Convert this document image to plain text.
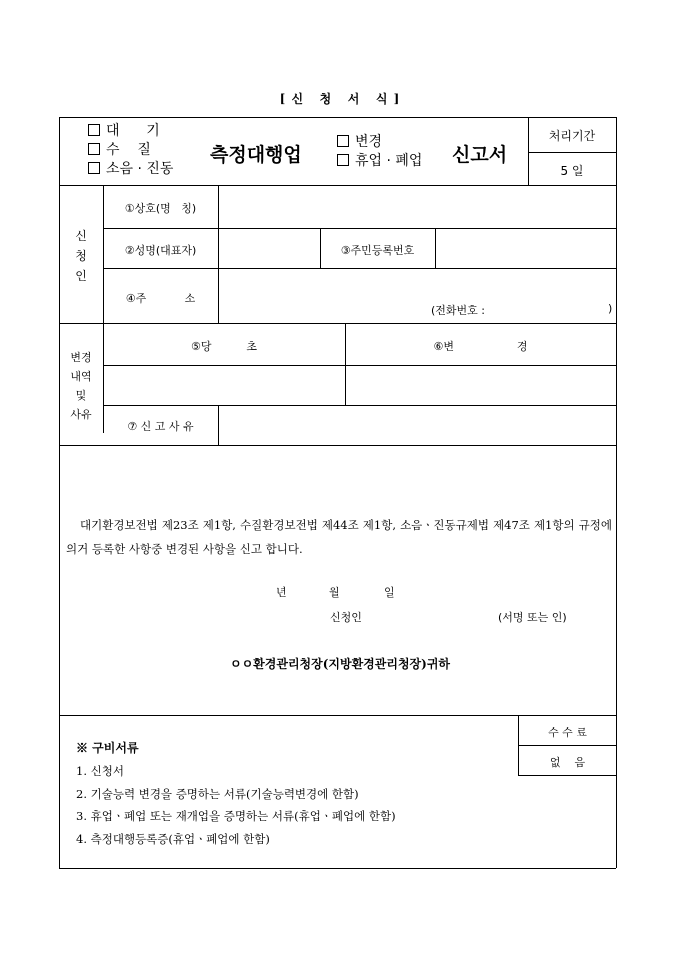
[ 신   청   서   식 ]
대      기
수    질
소음 · 진동
측정대행업
변경
휴업 · 폐업 신고서
처리기간
5 일
신
청
인
①상호(명   칭)
②성명(대표자)	③주민등록번호
④주           소
(전화번호 :	)
변경
내역
및
사유
⑤당          초	⑥변                  경
⑦ 신 고 사 유
대기환경보전법 제23조 제1항, 수질환경보전법 제44조 제1항, 소음ㆍ진동규제법 제47조 제1항의 규정에 의거 등록한 사항중 변경된 사항을 신고 합니다.
년	월	일
신청인	(서명 또는 인)
ㅇㅇ환경관리청장(지방환경관리청장)귀하
수 수 료
없    음
※ 구비서류
1. 신청서
2. 기술능력 변경을 증명하는 서류(기술능력변경에 한함)
3. 휴업ㆍ폐업 또는 재개업을 증명하는 서류(휴업ㆍ폐업에 한함)
4. 측정대행등록증(휴업ㆍ폐업에 한함)
